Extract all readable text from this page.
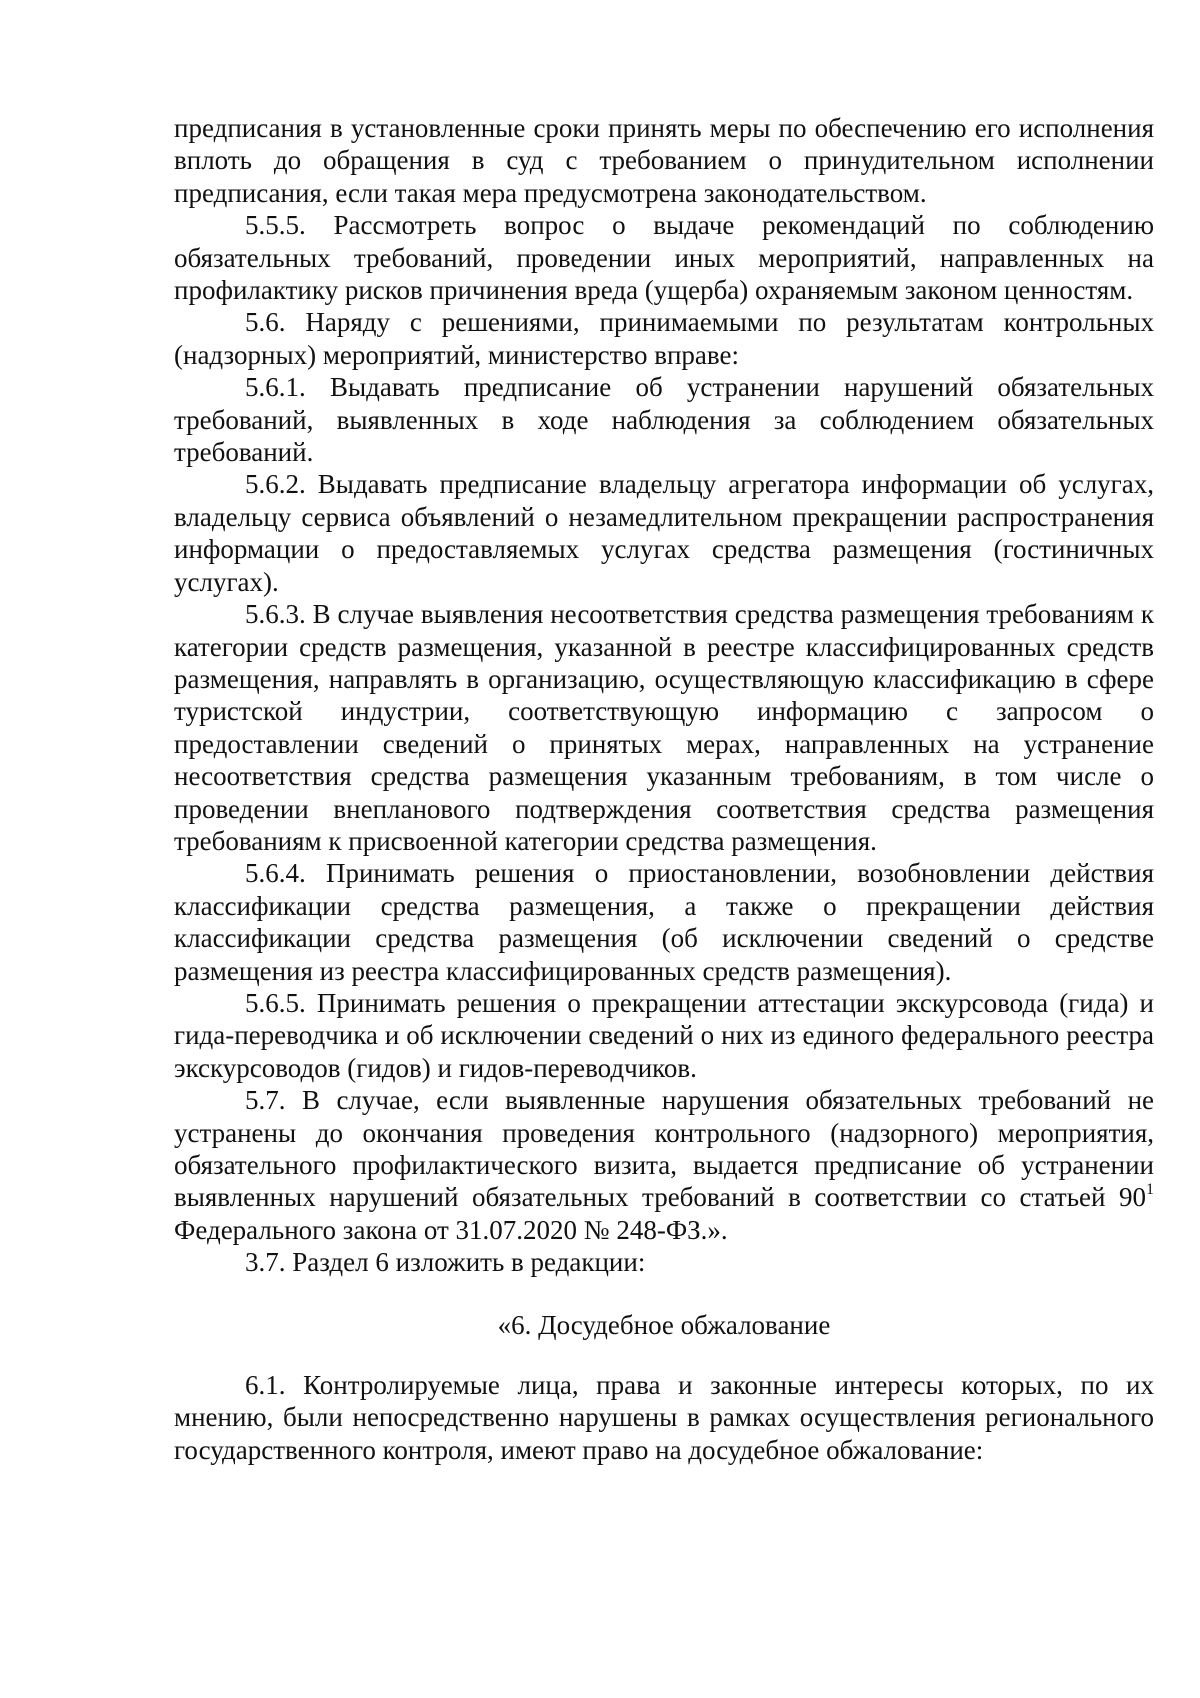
предписания в установленные сроки принять меры по обеспечению его исполнения вплоть до обращения в суд с требованием о принудительном исполнении предписания, если такая мера предусмотрена законодательством.

5.5.5. Рассмотреть вопрос о выдаче рекомендаций по соблюдению обязательных требований, проведении иных мероприятий, направленных на профилактику рисков причинения вреда (ущерба) охраняемым законом ценностям.

5.6. Наряду с решениями, принимаемыми по результатам контрольных (надзорных) мероприятий, министерство вправе:

5.6.1. Выдавать предписание об устранении нарушений обязательных требований, выявленных в ходе наблюдения за соблюдением обязательных требований.

5.6.2. Выдавать предписание владельцу агрегатора информации об услугах, владельцу сервиса объявлений о незамедлительном прекращении распространения информации о предоставляемых услугах средства размещения (гостиничных услугах).

5.6.3. В случае выявления несоответствия средства размещения требованиям к категории средств размещения, указанной в реестре классифицированных средств размещения, направлять в организацию, осуществляющую классификацию в сфере туристской индустрии, соответствующую информацию с запросом о предоставлении сведений о принятых мерах, направленных на устранение несоответствия средства размещения указанным требованиям, в том числе о проведении внепланового подтверждения соответствия средства размещения требованиям к присвоенной категории средства размещения.

5.6.4. Принимать решения о приостановлении, возобновлении действия классификации средства размещения, а также о прекращении действия классификации средства размещения (об исключении сведений о средстве размещения из реестра классифицированных средств размещения).

5.6.5. Принимать решения о прекращении аттестации экскурсовода (гида) и гида-переводчика и об исключении сведений о них из единого федерального реестра экскурсоводов (гидов) и гидов-переводчиков.

5.7. В случае, если выявленные нарушения обязательных требований не устранены до окончания проведения контрольного (надзорного) мероприятия, обязательного профилактического визита, выдается предписание об устранении выявленных нарушений обязательных требований в соответствии со статьей $90^1$ Федерального закона от 31.07.2020 № 248-ФЗ.».

3.7. Раздел 6 изложить в редакции:

«6. Досудебное обжалование

6.1. Контролируемые лица, права и законные интересы которых, по их мнению, были непосредственно нарушены в рамках осуществления регионального государственного контроля, имеют право на досудебное обжалование:
